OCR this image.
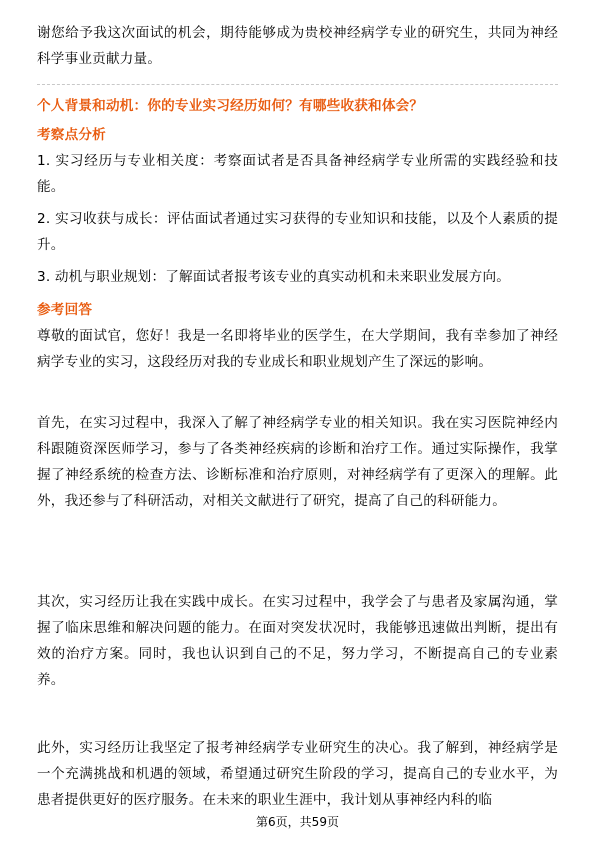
谢您给予我这次面试的机会，期待能够成为贵校神经病学专业的研究生，共同为神经科学事业贡献力量。

个人背景和动机：你的专业实习经历如何？有哪些收获和体会？

考察点分析

1. 实习经历与专业相关度：考察面试者是否具备神经病学专业所需的实践经验和技能。

2. 实习收获与成长：评估面试者通过实习获得的专业知识和技能，以及个人素质的提升。

3. 动机与职业规划：了解面试者报考该专业的真实动机和未来职业发展方向。

参考回答

尊敬的面试官，您好！我是一名即将毕业的医学生，在大学期间，我有幸参加了神经病学专业的实习，这段经历对我的专业成长和职业规划产生了深远的影响。

首先，在实习过程中，我深入了解了神经病学专业的相关知识。我在实习医院神经内科跟随资深医师学习，参与了各类神经疾病的诊断和治疗工作。通过实际操作，我掌握了神经系统的检查方法、诊断标准和治疗原则，对神经病学有了更深入的理解。此外，我还参与了科研活动，对相关文献进行了研究，提高了自己的科研能力。

其次，实习经历让我在实践中成长。在实习过程中，我学会了与患者及家属沟通，掌握了临床思维和解决问题的能力。在面对突发状况时，我能够迅速做出判断，提出有效的治疗方案。同时，我也认识到自己的不足，努力学习，不断提高自己的专业素养。

此外，实习经历让我坚定了报考神经病学专业研究生的决心。我了解到，神经病学是一个充满挑战和机遇的领域，希望通过研究生阶段的学习，提高自己的专业水平，为患者提供更好的医疗服务。在未来的职业生涯中，我计划从事神经内科的临

第6页，共59页
